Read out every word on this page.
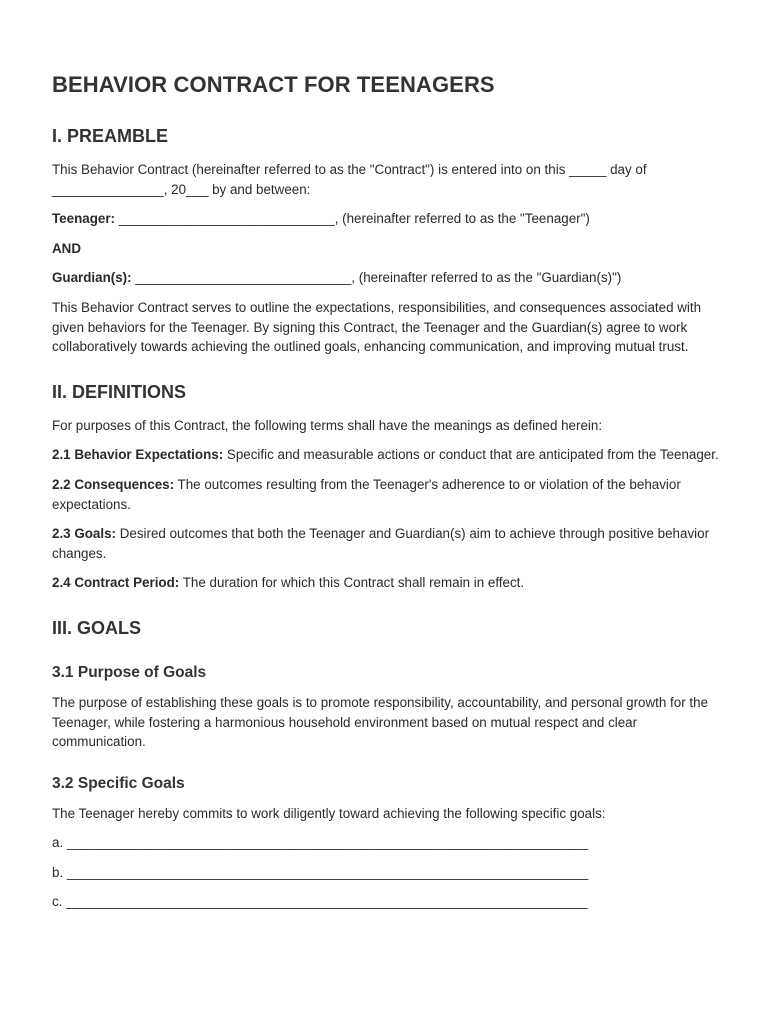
BEHAVIOR CONTRACT FOR TEENAGERS
I. PREAMBLE

This Behavior Contract (hereinafter referred to as the "Contract") is entered into on this _____ day of _______________, 20___ by and between:

Teenager: _____________________________, (hereinafter referred to as the "Teenager")

AND

Guardian(s): _____________________________, (hereinafter referred to as the "Guardian(s)")

This Behavior Contract serves to outline the expectations, responsibilities, and consequences associated with given behaviors for the Teenager. By signing this Contract, the Teenager and the Guardian(s) agree to work collaboratively towards achieving the outlined goals, enhancing communication, and improving mutual trust.

II. DEFINITIONS

For purposes of this Contract, the following terms shall have the meanings as defined herein:

2.1 Behavior Expectations: Specific and measurable actions or conduct that are anticipated from the Teenager.

2.2 Consequences: The outcomes resulting from the Teenager's adherence to or violation of the behavior expectations.

2.3 Goals: Desired outcomes that both the Teenager and Guardian(s) aim to achieve through positive behavior changes.

2.4 Contract Period: The duration for which this Contract shall remain in effect.

III. GOALS
3.1 Purpose of Goals

The purpose of establishing these goals is to promote responsibility, accountability, and personal growth for the Teenager, while fostering a harmonious household environment based on mutual respect and clear communication.

3.2 Specific Goals

The Teenager hereby commits to work diligently toward achieving the following specific goals:

a. ______________________________________________________________________

b. ______________________________________________________________________

c. ______________________________________________________________________
